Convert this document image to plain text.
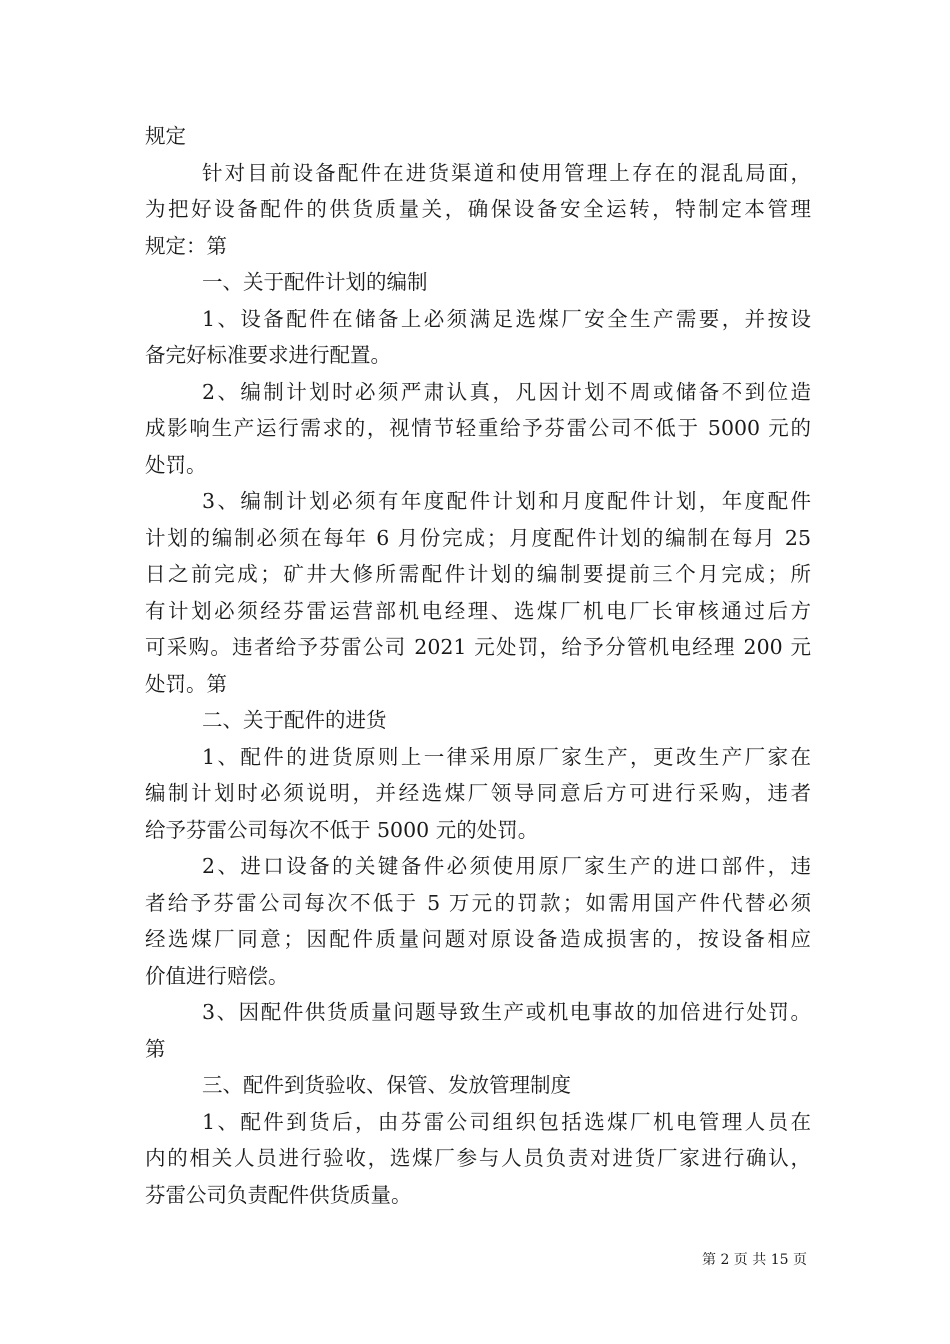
规定

针对目前设备配件在进货渠道和使用管理上存在的混乱局面，

为把好设备配件的供货质量关，确保设备安全运转，特制定本管理

规定：第

一、关于配件计划的编制

1、设备配件在储备上必须满足选煤厂安全生产需要，并按设

备完好标准要求进行配置。

2、编制计划时必须严肃认真，凡因计划不周或储备不到位造

成影响生产运行需求的，视情节轻重给予芬雷公司不低于 5000 元的

处罚。

3、编制计划必须有年度配件计划和月度配件计划，年度配件

计划的编制必须在每年 6 月份完成；月度配件计划的编制在每月 25

日之前完成；矿井大修所需配件计划的编制要提前三个月完成；所

有计划必须经芬雷运营部机电经理、选煤厂机电厂长审核通过后方

可采购。违者给予芬雷公司 2021 元处罚，给予分管机电经理 200 元

处罚。第

二、关于配件的进货

1、配件的进货原则上一律采用原厂家生产，更改生产厂家在

编制计划时必须说明，并经选煤厂领导同意后方可进行采购，违者

给予芬雷公司每次不低于 5000 元的处罚。

2、进口设备的关键备件必须使用原厂家生产的进口部件，违

者给予芬雷公司每次不低于 5 万元的罚款；如需用国产件代替必须

经选煤厂同意；因配件质量问题对原设备造成损害的，按设备相应

价值进行赔偿。

3、因配件供货质量问题导致生产或机电事故的加倍进行处罚。

第

三、配件到货验收、保管、发放管理制度

1、配件到货后，由芬雷公司组织包括选煤厂机电管理人员在

内的相关人员进行验收，选煤厂参与人员负责对进货厂家进行确认，

芬雷公司负责配件供货质量。

第 2 页 共 15 页
